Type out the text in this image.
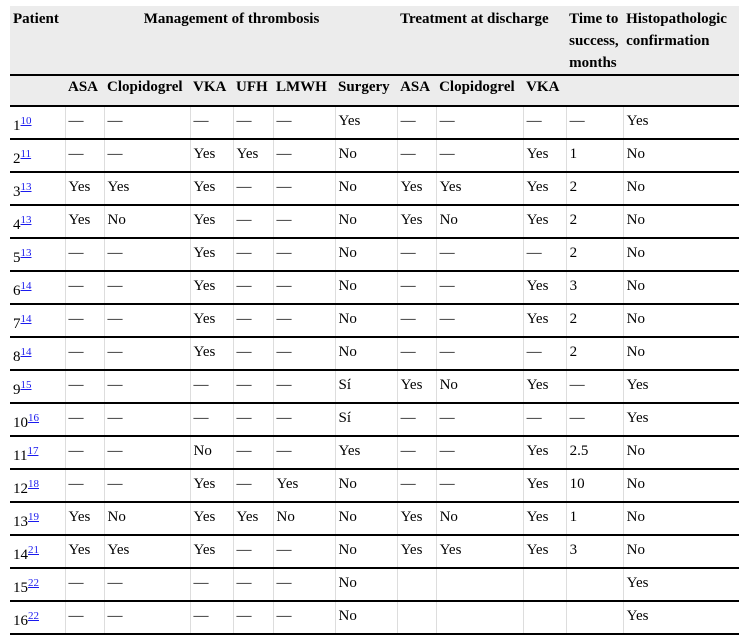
Patient	Management of thrombosis						Treatment at discharge			Time to success, months	Histopathologic confirmation
	ASA	Clopidogrel	VKA	UFH	LMWH	Surgery	ASA	Clopidogrel	VKA		
1$^{10}$	—	—	—	—	—	Yes	—	—	—	—	Yes
2$^{11}$	—	—	Yes	Yes	—	No	—	—	Yes	1	No
3$^{13}$	Yes	Yes	Yes	—	—	No	Yes	Yes	Yes	2	No
4$^{13}$	Yes	No	Yes	—	—	No	Yes	No	Yes	2	No
5$^{13}$	—	—	Yes	—	—	No	—	—	—	2	No
6$^{14}$	—	—	Yes	—	—	No	—	—	Yes	3	No
7$^{14}$	—	—	Yes	—	—	No	—	—	Yes	2	No
8$^{14}$	—	—	Yes	—	—	No	—	—	—	2	No
9$^{15}$	—	—	—	—	—	Sí	Yes	No	Yes	—	Yes
10$^{16}$	—	—	—	—	—	Sí	—	—	—	—	Yes
11$^{17}$	—	—	No	—	—	Yes	—	—	Yes	2.5	No
12$^{18}$	—	—	Yes	—	Yes	No	—	—	Yes	10	No
13$^{19}$	Yes	No	Yes	Yes	No	No	Yes	No	Yes	1	No
14$^{21}$	Yes	Yes	Yes	—	—	No	Yes	Yes	Yes	3	No
15$^{22}$	—	—	—	—	—	No					Yes
16$^{22}$	—	—	—	—	—	No					Yes
